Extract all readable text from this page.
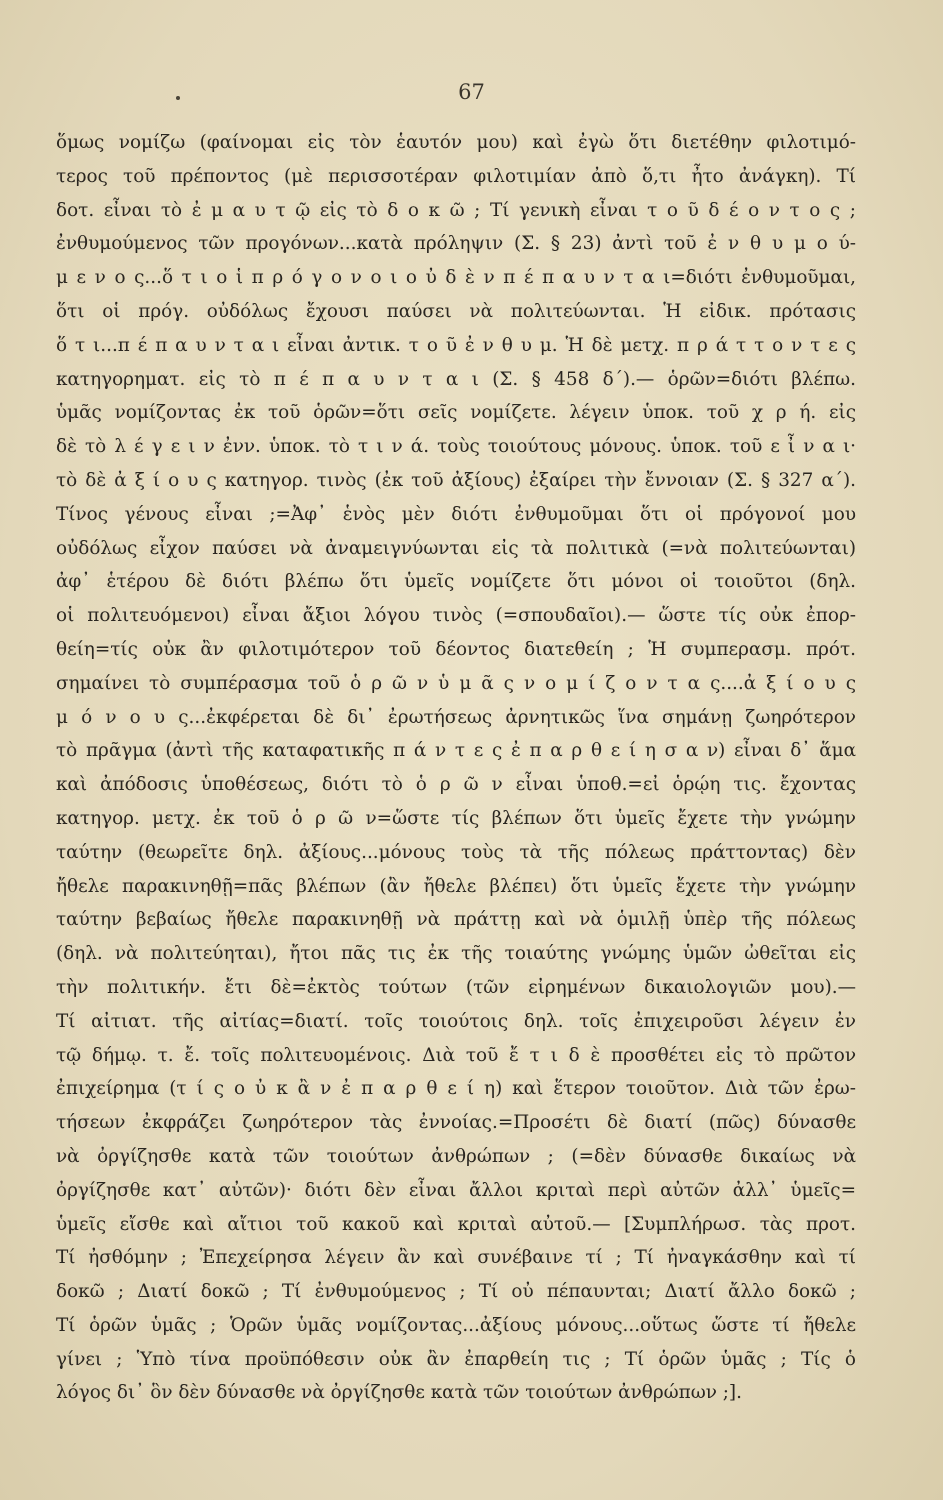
67
ὅμως νομίζω (φαίνομαι εἰς τὸν ἑαυτόν μου) καὶ ἐγὼ ὅτι διετέθην φιλοτιμό-
τερος τοῦ πρέποντος (μὲ περισσοτέραν φιλοτιμίαν ἀπὸ ὅ,τι ἦτο ἀνάγκη). Τί
δοτ. εἶναι τὸ ἐ μ α υ τ ῷ εἰς τὸ δ ο κ ῶ ; Τί γενικὴ εἶναι τ ο ῦ δ έ ο ν τ ο ς ;
ἐνθυμούμενος τῶν προγόνων...κατὰ πρόληψιν (Σ. § 23) ἀντὶ τοῦ ἐ ν θ υ μ ο ύ-
μ ε ν ο ς...ὅ τ ι ο ἱ π ρ ό γ ο ν ο ι ο ὐ δ ὲ ν π έ π α υ ν τ α ι=διότι ἐνθυμοῦμαι,
ὅτι οἱ πρόγ. οὐδόλως ἔχουσι παύσει νὰ πολιτεύωνται. Ἡ εἰδικ. πρότασις
ὅ τ ι...π έ π α υ ν τ α ι εἶναι ἀντικ. τ ο ῦ ἐ ν θ υ μ. Ἡ δὲ μετχ. π ρ ά τ τ ο ν τ ε ς
κατηγορηματ. εἰς τὸ π έ π α υ ν τ α ι (Σ. § 458 δ΄).— ὁρῶν=διότι βλέπω.
ὑμᾶς νομίζοντας ἐκ τοῦ ὁρῶν=ὅτι σεῖς νομίζετε. λέγειν ὑποκ. τοῦ χ ρ ή. εἰς
δὲ τὸ λ έ γ ε ι ν ἐνν. ὑποκ. τὸ τ ι ν ά. τοὺς τοιούτους μόνους. ὑποκ. τοῦ ε ἶ ν α ι·
τὸ δὲ ἀ ξ ί ο υ ς κατηγορ. τινὸς (ἐκ τοῦ ἀξίους) ἐξαίρει τὴν ἔννοιαν (Σ. § 327 α΄).
Τίνος γένους εἶναι ;=Ἀφ᾽ ἑνὸς μὲν διότι ἐνθυμοῦμαι ὅτι οἱ πρόγονοί μου
οὐδόλως εἶχον παύσει νὰ ἀναμειγνύωνται εἰς τὰ πολιτικὰ (=νὰ πολιτεύωνται)
ἀφ᾽ ἑτέρου δὲ διότι βλέπω ὅτι ὑμεῖς νομίζετε ὅτι μόνοι οἱ τοιοῦτοι (δηλ.
οἱ πολιτευόμενοι) εἶναι ἄξιοι λόγου τινὸς (=σπουδαῖοι).— ὥστε τίς οὐκ ἐπορ-
θείη=τίς οὐκ ἂν φιλοτιμότερον τοῦ δέοντος διατεθείη ; Ἡ συμπερασμ. πρότ.
σημαίνει τὸ συμπέρασμα τοῦ ὁ ρ ῶ ν ὑ μ ᾶ ς ν ο μ ί ζ ο ν τ α ς....ἀ ξ ί ο υ ς
μ ό ν ο υ ς...ἐκφέρεται δὲ δι᾽ ἐρωτήσεως ἀρνητικῶς ἵνα σημάνῃ ζωηρότερον
τὸ πρᾶγμα (ἀντὶ τῆς καταφατικῆς π ά ν τ ε ς ἐ π α ρ θ ε ί η σ α ν) εἶναι δ᾽ ἅμα
καὶ ἀπόδοσις ὑποθέσεως, διότι τὸ ὁ ρ ῶ ν εἶναι ὑποθ.=εἰ ὁρῴη τις. ἔχοντας
κατηγορ. μετχ. ἐκ τοῦ ὁ ρ ῶ ν=ὥστε τίς βλέπων ὅτι ὑμεῖς ἔχετε τὴν γνώμην
ταύτην (θεωρεῖτε δηλ. ἀξίους...μόνους τοὺς τὰ τῆς πόλεως πράττοντας) δὲν
ἤθελε παρακινηθῇ=πᾶς βλέπων (ἂν ἤθελε βλέπει) ὅτι ὑμεῖς ἔχετε τὴν γνώμην
ταύτην βεβαίως ἤθελε παρακινηθῇ νὰ πράττῃ καὶ νὰ ὁμιλῇ ὑπὲρ τῆς πόλεως
(δηλ. νὰ πολιτεύηται), ἤτοι πᾶς τις ἐκ τῆς τοιαύτης γνώμης ὑμῶν ὠθεῖται εἰς
τὴν πολιτικήν. ἔτι δὲ=ἐκτὸς τούτων (τῶν εἰρημένων δικαιολογιῶν μου).—
Τί αἰτιατ. τῆς αἰτίας=διατί. τοῖς τοιούτοις δηλ. τοῖς ἐπιχειροῦσι λέγειν ἐν
τῷ δήμῳ. τ. ἔ. τοῖς πολιτευομένοις. Διὰ τοῦ ἔ τ ι δ ὲ προσθέτει εἰς τὸ πρῶτον
ἐπιχείρημα (τ ί ς ο ὐ κ ἂ ν ἐ π α ρ θ ε ί η) καὶ ἕτερον τοιοῦτον. Διὰ τῶν ἐρω-
τήσεων ἐκφράζει ζωηρότερον τὰς ἐννοίας.=Προσέτι δὲ διατί (πῶς) δύνασθε
νὰ ὀργίζησθε κατὰ τῶν τοιούτων ἀνθρώπων ; (=δὲν δύνασθε δικαίως νὰ
ὀργίζησθε κατ᾽ αὐτῶν)· διότι δὲν εἶναι ἄλλοι κριταὶ περὶ αὐτῶν ἀλλ᾽ ὑμεῖς=
ὑμεῖς εἴσθε καὶ αἴτιοι τοῦ κακοῦ καὶ κριταὶ αὐτοῦ.— [Συμπλήρωσ. τὰς προτ.
Τί ἠσθόμην ; Ἐπεχείρησα λέγειν ἂν καὶ συνέβαινε τί ; Τί ἠναγκάσθην καὶ τί
δοκῶ ; Διατί δοκῶ ; Τί ἐνθυμούμενος ; Τί οὐ πέπαυνται; Διατί ἄλλο δοκῶ ;
Τί ὁρῶν ὑμᾶς ; Ὁρῶν ὑμᾶς νομίζοντας...ἀξίους μόνους...οὕτως ὥστε τί ἤθελε
γίνει ; Ὑπὸ τίνα προϋπόθεσιν οὐκ ἂν ἐπαρθείη τις ; Τί ὁρῶν ὑμᾶς ; Τίς ὁ
λόγος δι᾽ ὃν δὲν δύνασθε νὰ ὀργίζησθε κατὰ τῶν τοιούτων ἀνθρώπων ;].
